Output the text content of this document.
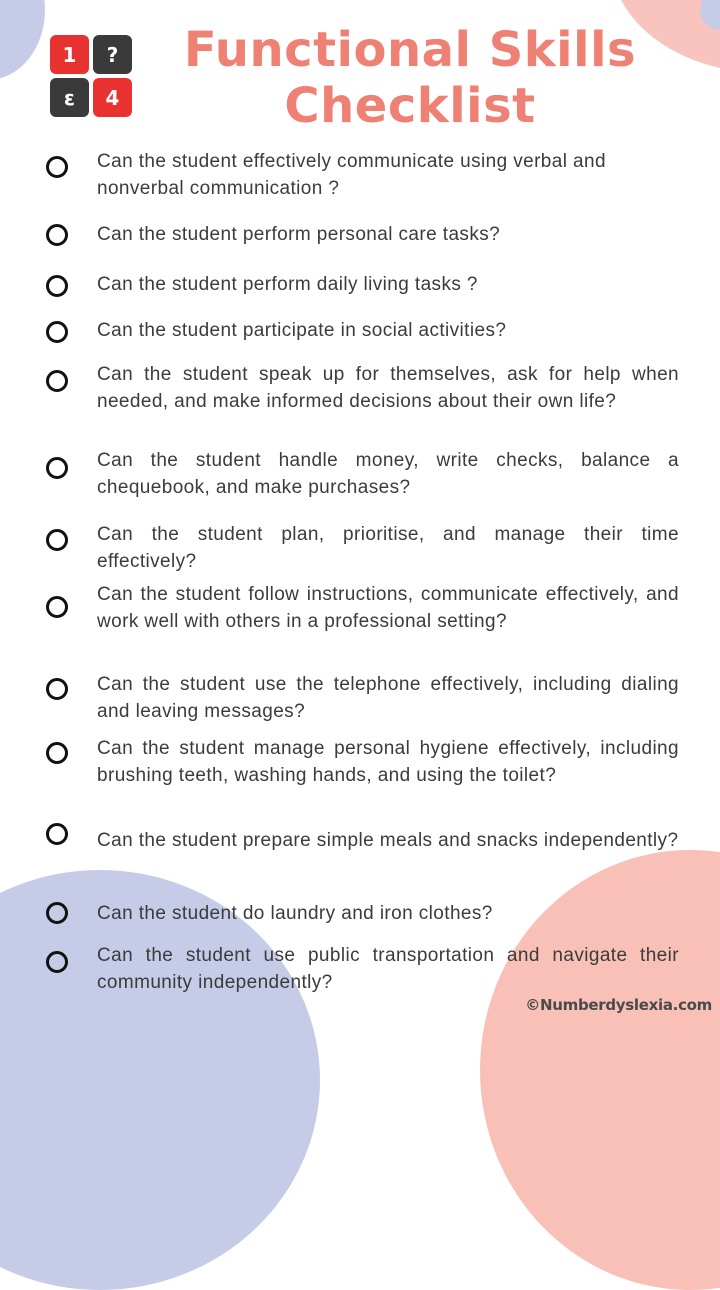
1	?
ε	4
Functional Skills
Checklist
Can the student effectively communicate using verbal and nonverbal communication ?
Can the student perform personal care tasks?
Can the student perform daily living tasks ?
Can the student participate in social activities?
Can the student speak up for themselves, ask for help when needed, and make informed decisions about their own life?
Can the student handle money, write checks, balance a chequebook, and make purchases?
Can the student plan, prioritise, and manage their time effectively?
Can the student follow instructions, communicate effectively, and work well with others in a professional setting?
Can the student use the telephone effectively, including dialing and leaving messages?
Can the student manage personal hygiene effectively, including brushing teeth, washing hands, and using the toilet?
Can the student prepare simple meals and snacks independently?
Can the student do laundry and iron clothes?
Can the student use public transportation and navigate their community independently?
©Numberdyslexia.com
